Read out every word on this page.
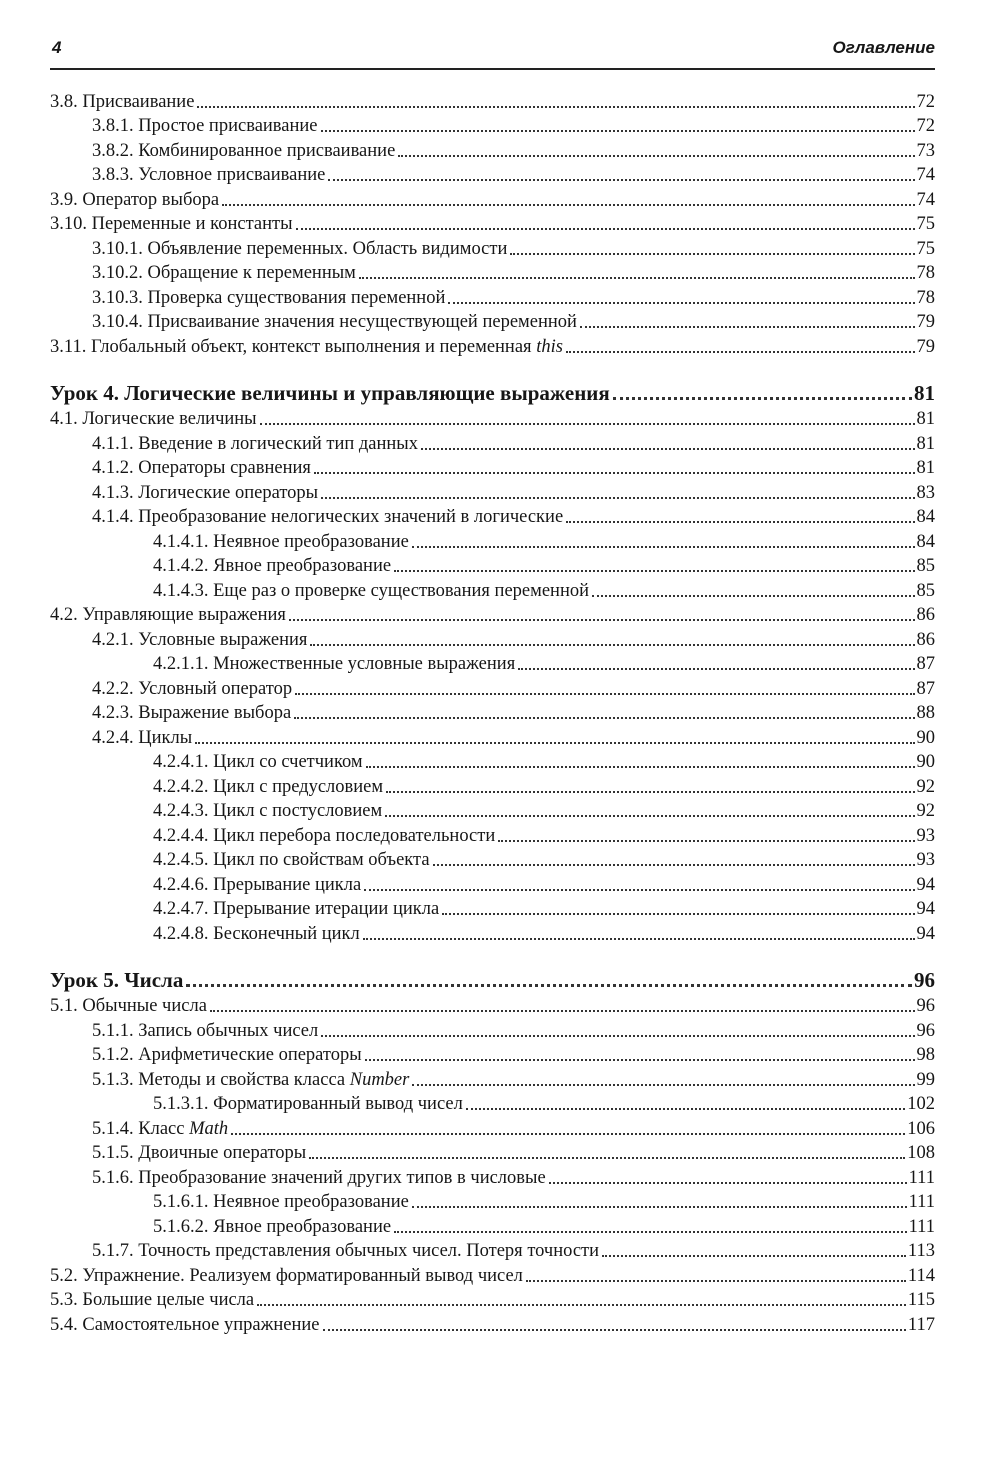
4	Оглавление
3.8. Присваивание	72
3.8.1. Простое присваивание	72
3.8.2. Комбинированное присваивание	73
3.8.3. Условное присваивание	74
3.9. Оператор выбора	74
3.10. Переменные и константы	75
3.10.1. Объявление переменных. Область видимости	75
3.10.2. Обращение к переменным	78
3.10.3. Проверка существования переменной	78
3.10.4. Присваивание значения несуществующей переменной	79
3.11. Глобальный объект, контекст выполнения и переменная this	79
Урок 4. Логические величины и управляющие выражения	81
4.1. Логические величины	81
4.1.1. Введение в логический тип данных	81
4.1.2. Операторы сравнения	81
4.1.3. Логические операторы	83
4.1.4. Преобразование нелогических значений в логические	84
4.1.4.1. Неявное преобразование	84
4.1.4.2. Явное преобразование	85
4.1.4.3. Еще раз о проверке существования переменной	85
4.2. Управляющие выражения	86
4.2.1. Условные выражения	86
4.2.1.1. Множественные условные выражения	87
4.2.2. Условный оператор	87
4.2.3. Выражение выбора	88
4.2.4. Циклы	90
4.2.4.1. Цикл со счетчиком	90
4.2.4.2. Цикл с предусловием	92
4.2.4.3. Цикл с постусловием	92
4.2.4.4. Цикл перебора последовательности	93
4.2.4.5. Цикл по свойствам объекта	93
4.2.4.6. Прерывание цикла	94
4.2.4.7. Прерывание итерации цикла	94
4.2.4.8. Бесконечный цикл	94
Урок 5. Числа	96
5.1. Обычные числа	96
5.1.1. Запись обычных чисел	96
5.1.2. Арифметические операторы	98
5.1.3. Методы и свойства класса Number	99
5.1.3.1. Форматированный вывод чисел	102
5.1.4. Класс Math	106
5.1.5. Двоичные операторы	108
5.1.6. Преобразование значений других типов в числовые	111
5.1.6.1. Неявное преобразование	111
5.1.6.2. Явное преобразование	111
5.1.7. Точность представления обычных чисел. Потеря точности	113
5.2. Упражнение. Реализуем форматированный вывод чисел	114
5.3. Большие целые числа	115
5.4. Самостоятельное упражнение	117
